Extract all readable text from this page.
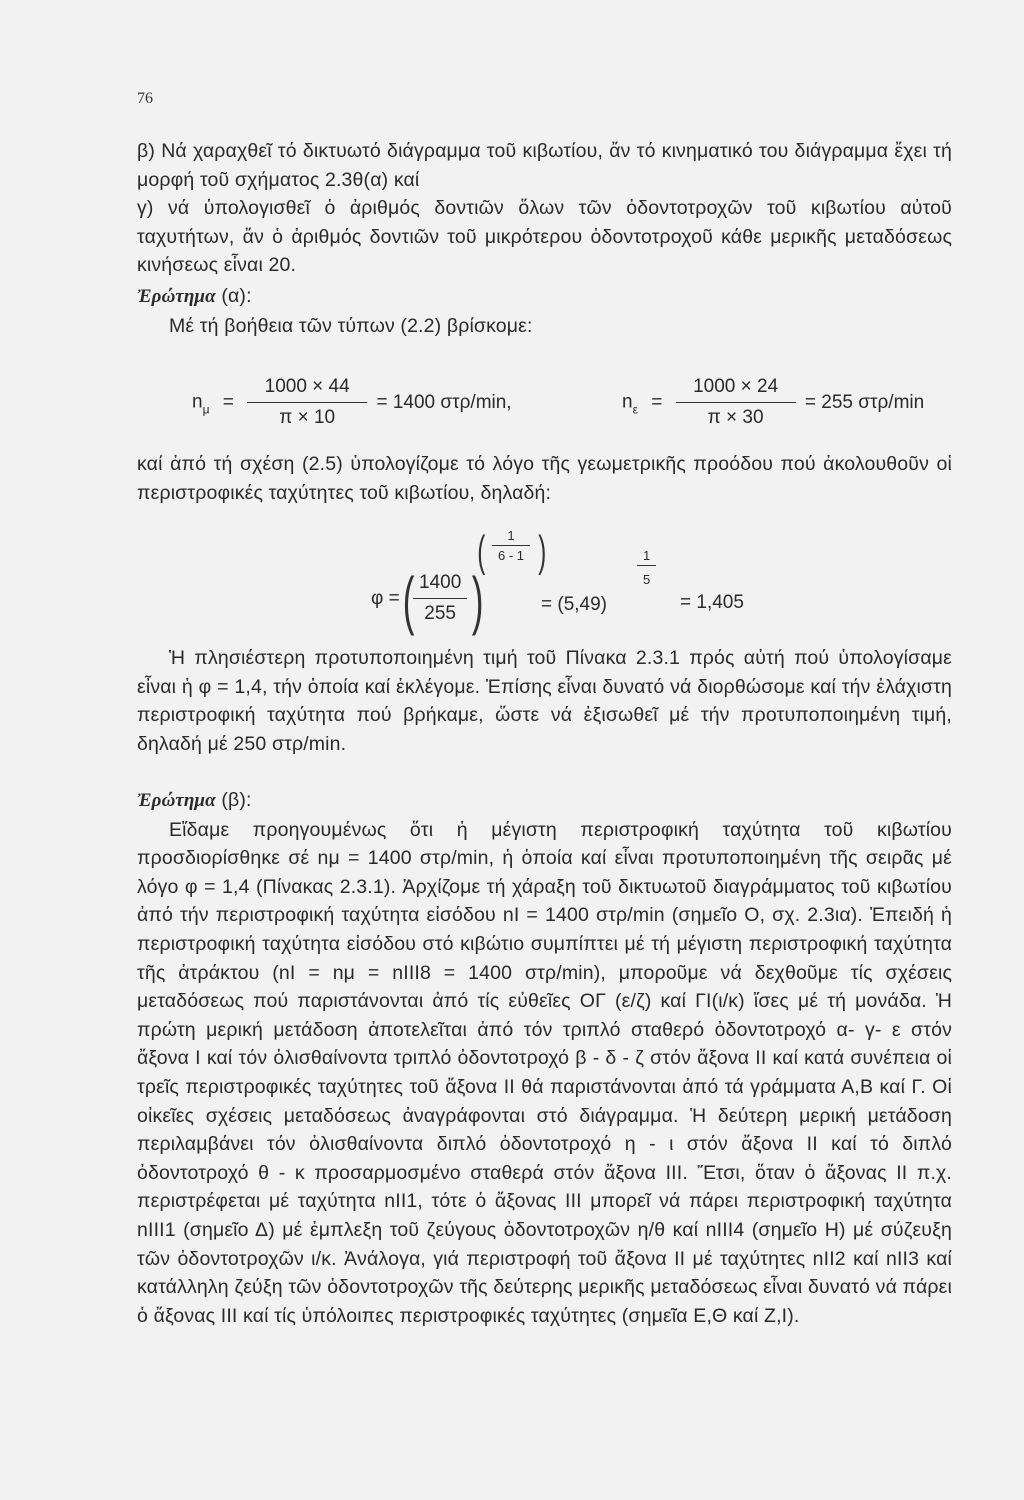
76

β) Νά χαραχθεῖ τό δικτυωτό διάγραμμα τοῦ κιβωτίου, ἄν τό κινηματικό του διάγραμμα ἔχει τή μορφή τοῦ σχήματος 2.3θ(α) καί

γ) νά ὑπολογισθεῖ ὁ ἀριθμός δοντιῶν ὅλων τῶν ὀδοντοτροχῶν τοῦ κιβωτίου αὐτοῦ ταχυτήτων, ἄν ὁ ἀριθμός δοντιῶν τοῦ μικρότερου ὀδοντοτροχοῦ κάθε μερικῆς μεταδόσεως κινήσεως εἶναι 20.

Ἐρώτημα (α):

Μέ τή βοήθεια τῶν τύπων (2.2) βρίσκομε:

$n_\mu = \frac{1000 \times 44}{\pi \times 10} = 1400$ στρ/min,	$n_\varepsilon = \frac{1000 \times 24}{\pi \times 30} = 255$ στρ/min

καί ἀπό τή σχέση (2.5) ὑπολογίζομε τό λόγο τῆς γεωμετρικῆς προόδου πού ἀκολουθοῦν οἱ περιστροφικές ταχύτητες τοῦ κιβωτίου, δηλαδή:

φ = (
$\frac{1400}{255}$ )
( $\frac{1}{6 - 1}$ )
= (5,49)
$\frac{1}{5}$
= 1,405

Ἡ πλησιέστερη προτυποποιημένη τιμή τοῦ Πίνακα 2.3.1 πρός αὐτή πού ὑπολογίσαμε εἶναι ἡ φ = 1,4, τήν ὁποία καί ἐκλέγομε. Ἐπίσης εἶναι δυνατό νά διορθώσομε καί τήν ἐλάχιστη περιστροφική ταχύτητα πού βρήκαμε, ὥστε νά ἐξισωθεῖ μέ τήν προτυποποιημένη τιμή, δηλαδή μέ 250 στρ/min.

Ἐρώτημα (β):

Εἴδαμε προηγουμένως ὅτι ἡ μέγιστη περιστροφική ταχύτητα τοῦ κιβωτίου προσδιορίσθηκε σέ nμ = 1400 στρ/min, ἡ ὁποία καί εἶναι προτυποποιημένη τῆς σειρᾶς μέ λόγο φ = 1,4 (Πίνακας 2.3.1). Ἀρχίζομε τή χάραξη τοῦ δικτυωτοῦ διαγράμματος τοῦ κιβωτίου ἀπό τήν περιστροφική ταχύτητα εἰσόδου nI = 1400 στρ/min (σημεῖο Ο, σχ. 2.3ια). Ἐπειδή ἡ περιστροφική ταχύτητα εἰσόδου στό κιβώτιο συμπίπτει μέ τή μέγιστη περιστροφική ταχύτητα τῆς ἀτράκτου (nI = nμ = nIII8 = 1400 στρ/min), μποροῦμε νά δεχθοῦμε τίς σχέσεις μεταδόσεως πού παριστάνονται ἀπό τίς εὐθεῖες ΟΓ (ε/ζ) καί ΓΙ(ι/κ) ἴσες μέ τή μονάδα. Ἡ πρώτη μερική μετάδοση ἀποτελεῖται ἀπό τόν τριπλό σταθερό ὀδοντοτροχό α- γ- ε στόν ἄξονα Ι καί τόν ὀλισθαίνοντα τριπλό ὀδοντοτροχό β - δ - ζ στόν ἄξονα ΙΙ καί κατά συνέπεια οἱ τρεῖς περιστροφικές ταχύτητες τοῦ ἄξονα ΙΙ θά παριστάνονται ἀπό τά γράμματα Α,Β καί Γ. Οἱ οἰκεῖες σχέσεις μεταδόσεως ἀναγράφονται στό διάγραμμα. Ἡ δεύτερη μερική μετάδοση περιλαμβάνει τόν ὀλισθαίνοντα διπλό ὀδοντοτροχό η - ι στόν ἄξονα ΙΙ καί τό διπλό ὀδοντοτροχό θ - κ προσαρμοσμένο σταθερά στόν ἄξονα ΙΙΙ. Ἔτσι, ὅταν ὁ ἄξονας ΙΙ π.χ. περιστρέφεται μέ ταχύτητα nII1, τότε ὁ ἄξονας ΙΙΙ μπορεῖ νά πάρει περιστροφική ταχύτητα nIII1 (σημεῖο Δ) μέ ἐμπλεξη τοῦ ζεύγους ὀδοντοτροχῶν η/θ καί nIII4 (σημεῖο Η) μέ σύζευξη τῶν ὀδοντοτροχῶν ι/κ. Ἀνάλογα, γιά περιστροφή τοῦ ἄξονα ΙΙ μέ ταχύτητες nII2 καί nII3 καί κατάλληλη ζεύξη τῶν ὀδοντοτροχῶν τῆς δεύτερης μερικῆς μεταδόσεως εἶναι δυνατό νά πάρει ὁ ἄξονας ΙΙΙ καί τίς ὑπόλοιπες περιστροφικές ταχύτητες (σημεῖα Ε,Θ καί Ζ,Ι).
